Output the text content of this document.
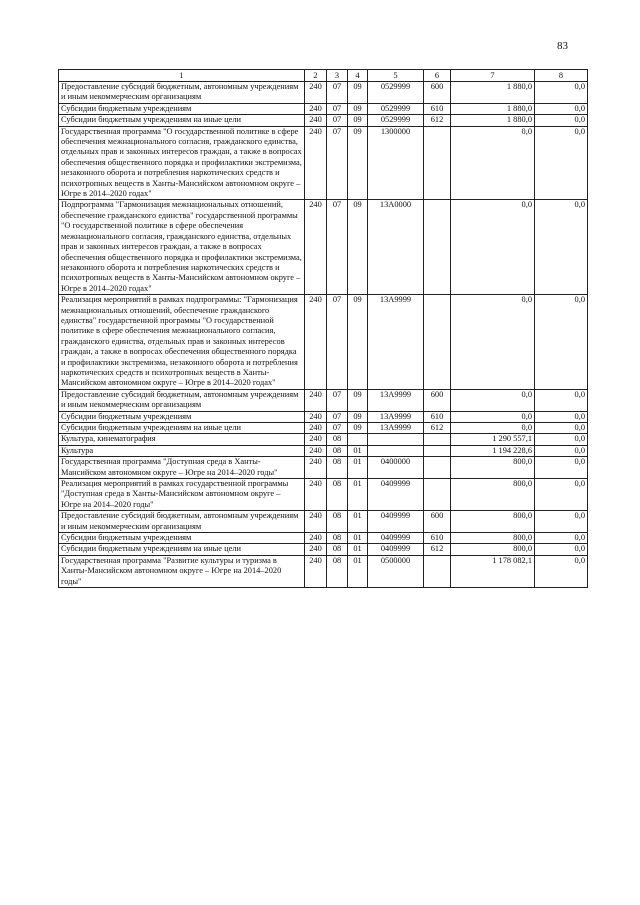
83
1	2	3	4	5	6	7	8
Предоставление субсидий бюджетным, автономным учреждениям и иным некоммерческим организациям	240	07	09	0529999	600	1 880,0	0,0
Субсидии бюджетным учреждениям	240	07	09	0529999	610	1 880,0	0,0
Субсидии бюджетным учреждениям на иные цели	240	07	09	0529999	612	1 880,0	0,0
Государственная программа "О государственной политике в сфере обеспечения межнационального согласия, гражданского единства, отдельных прав и законных интересов граждан, а также в вопросах обеспечения общественного порядка и профилактики экстремизма, незаконного оборота и потребления наркотических средств и психотропных веществ в Ханты-Мансийском автономном округе – Югре в 2014–2020 годах"	240	07	09	1300000		0,0	0,0
Подпрограмма "Гармонизация межнациональных отношений, обеспечение гражданского единства" государственной программы "О государственной политике в сфере обеспечения межнационального согласия, гражданского единства, отдельных прав и законных интересов граждан, а также в вопросах обеспечения общественного порядка и профилактики экстремизма, незаконного оборота и потребления наркотических средств и психотропных веществ в Ханты-Мансийском автономном округе – Югре в 2014–2020 годах"	240	07	09	13А0000		0,0	0,0
Реализация мероприятий в рамках подпрограммы: "Гармонизация межнациональных отношений, обеспечение гражданского единства" государственной программы "О государственной политике в сфере обеспечения межнационального согласия, гражданского единства, отдельных прав и законных интересов граждан, а также в вопросах обеспечения общественного порядка и профилактики экстремизма, незаконного оборота и потребления наркотических средств и психотропных веществ в Ханты-Мансийском автономном округе – Югре в 2014–2020 годах"	240	07	09	13А9999		0,0	0,0
Предоставление субсидий бюджетным, автономным учреждениям и иным некоммерческим организациям	240	07	09	13А9999	600	0,0	0,0
Субсидии бюджетным учреждениям	240	07	09	13А9999	610	0,0	0,0
Субсидии бюджетным учреждениям на иные цели	240	07	09	13А9999	612	0,0	0,0
Культура, кинематография	240	08				1 290 557,1	0,0
Культура	240	08	01			1 194 228,6	0,0
Государственная программа "Доступная среда в Ханты-Мансийском автономном округе – Югре на 2014–2020 годы"	240	08	01	0400000		800,0	0,0
Реализация мероприятий в рамках государственной программы "Доступная среда в Ханты-Мансийском автономном округе – Югре на 2014–2020 годы"	240	08	01	0409999		800,0	0,0
Предоставление субсидий бюджетным, автономным учреждениям и иным некоммерческим организациям	240	08	01	0409999	600	800,0	0,0
Субсидии бюджетным учреждениям	240	08	01	0409999	610	800,0	0,0
Субсидии бюджетным учреждениям на иные цели	240	08	01	0409999	612	800,0	0,0
Государственная программа "Развитие культуры и туризма в Ханты-Мансийском автономном округе – Югре на 2014–2020 годы"	240	08	01	0500000		1 178 082,1	0,0
